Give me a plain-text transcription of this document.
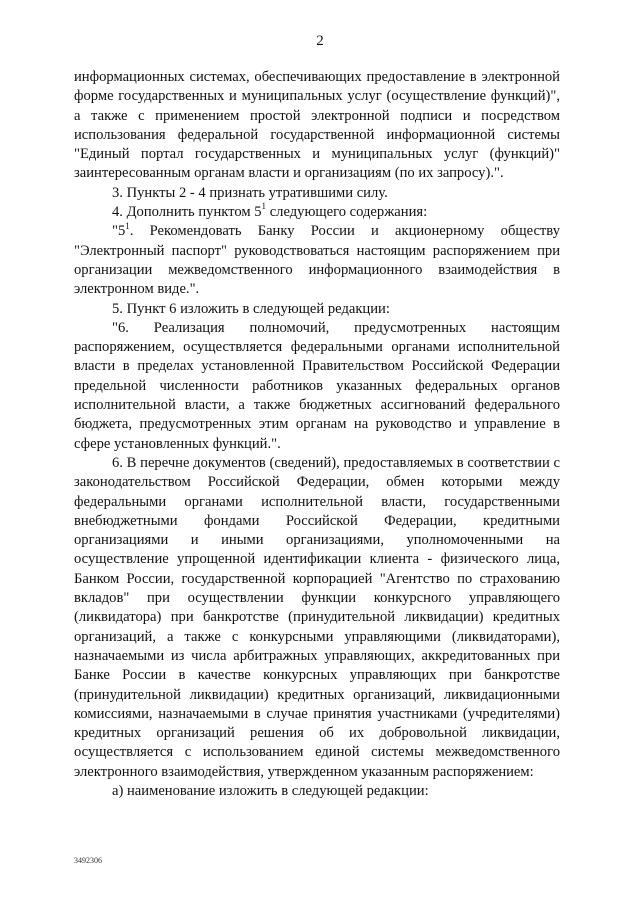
2

информационных системах, обеспечивающих предоставление в электронной форме государственных и муниципальных услуг (осуществление функций)", а также с применением простой электронной подписи и посредством использования федеральной государственной информационной системы "Единый портал государственных и муниципальных услуг (функций)" заинтересованным органам власти и организациям (по их запросу).".

3. Пункты 2 - 4 признать утратившими силу.

4. Дополнить пунктом $5^1$ следующего содержания:

"$5^1$. Рекомендовать Банку России и акционерному обществу "Электронный паспорт" руководствоваться настоящим распоряжением при организации межведомственного информационного взаимодействия в электронном виде.".

5. Пункт 6 изложить в следующей редакции:

"6. Реализация полномочий, предусмотренных настоящим распоряжением, осуществляется федеральными органами исполнительной власти в пределах установленной Правительством Российской Федерации предельной численности работников указанных федеральных органов исполнительной власти, а также бюджетных ассигнований федерального бюджета, предусмотренных этим органам на руководство и управление в сфере установленных функций.".

6. В перечне документов (сведений), предоставляемых в соответствии с законодательством Российской Федерации, обмен которыми между федеральными органами исполнительной власти, государственными внебюджетными фондами Российской Федерации, кредитными организациями и иными организациями, уполномоченными на осуществление упрощенной идентификации клиента - физического лица, Банком России, государственной корпорацией "Агентство по страхованию вкладов" при осуществлении функции конкурсного управляющего (ликвидатора) при банкротстве (принудительной ликвидации) кредитных организаций, а также с конкурсными управляющими (ликвидаторами), назначаемыми из числа арбитражных управляющих, аккредитованных при Банке России в качестве конкурсных управляющих при банкротстве (принудительной ликвидации) кредитных организаций, ликвидационными комиссиями, назначаемыми в случае принятия участниками (учредителями) кредитных организаций решения об их добровольной ликвидации, осуществляется с использованием единой системы межведомственного электронного взаимодействия, утвержденном указанным распоряжением:

а) наименование изложить в следующей редакции:

3492306
